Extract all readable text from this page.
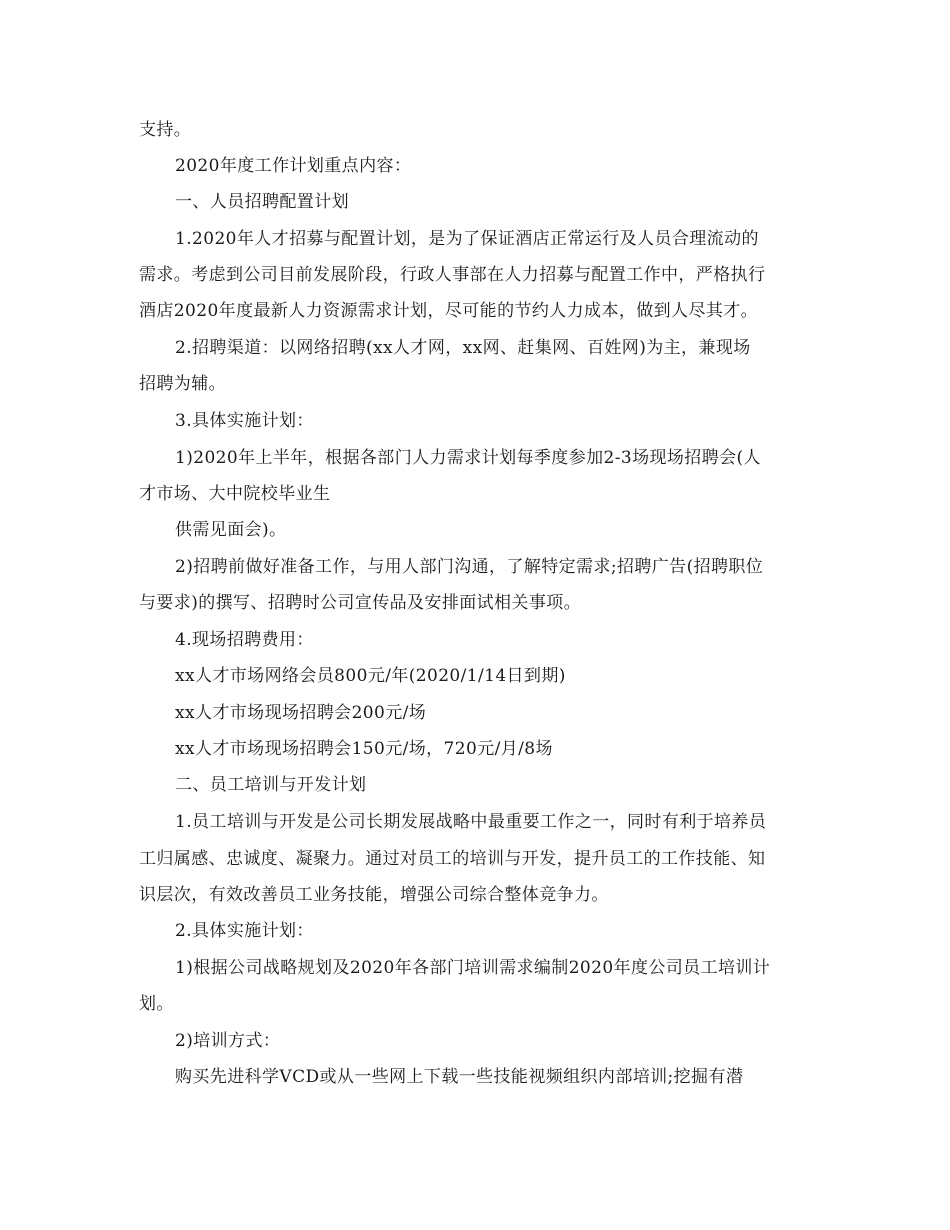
支持。
2020年度工作计划重点内容：
一、人员招聘配置计划
1.2020年人才招募与配置计划，是为了保证酒店正常运行及人员合理流动的
需求。考虑到公司目前发展阶段，行政人事部在人力招募与配置工作中，严格执行
酒店2020年度最新人力资源需求计划，尽可能的节约人力成本，做到人尽其才。
2.招聘渠道：以网络招聘(xx人才网，xx网、赶集网、百姓网)为主，兼现场
招聘为辅。
3.具体实施计划：
1)2020年上半年，根据各部门人力需求计划每季度参加2-3场现场招聘会(人
才市场、大中院校毕业生
供需见面会)。
2)招聘前做好准备工作，与用人部门沟通，了解特定需求;招聘广告(招聘职位
与要求)的撰写、招聘时公司宣传品及安排面试相关事项。
4.现场招聘费用：
xx人才市场网络会员800元/年(2020/1/14日到期)
xx人才市场现场招聘会200元/场
xx人才市场现场招聘会150元/场，720元/月/8场
二、员工培训与开发计划
1.员工培训与开发是公司长期发展战略中最重要工作之一，同时有利于培养员
工归属感、忠诚度、凝聚力。通过对员工的培训与开发，提升员工的工作技能、知
识层次，有效改善员工业务技能，增强公司综合整体竞争力。
2.具体实施计划：
1)根据公司战略规划及2020年各部门培训需求编制2020年度公司员工培训计
划。
2)培训方式：
购买先进科学VCD或从一些网上下载一些技能视频组织内部培训;挖掘有潜
